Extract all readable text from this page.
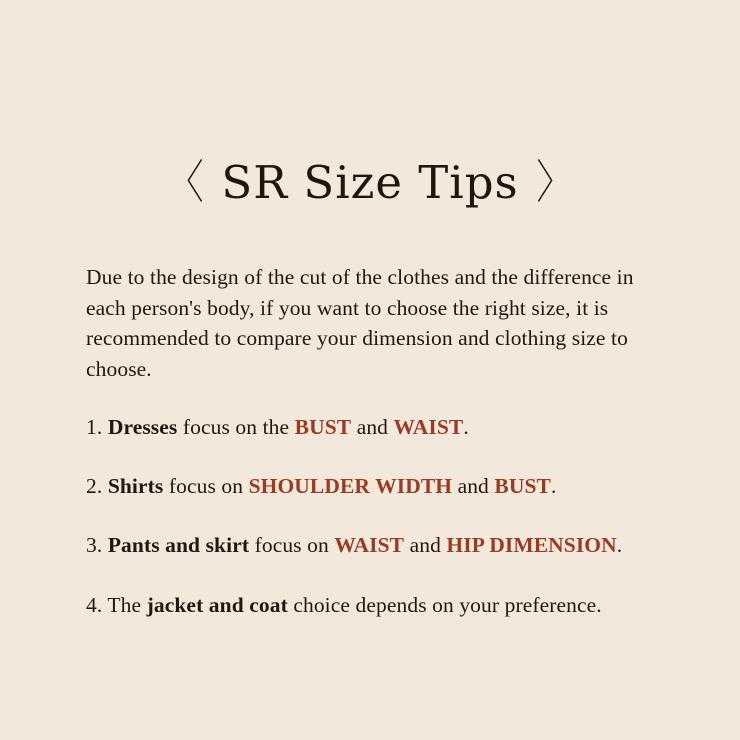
〈 SR Size Tips 〉

Due to the design of the cut of the clothes and the difference in each person's body, if you want to choose the right size, it is recommended to compare your dimension and clothing size to choose.

1. Dresses focus on the BUST and WAIST.

2. Shirts focus on SHOULDER WIDTH and BUST.

3. Pants and skirt focus on WAIST and HIP DIMENSION.

4. The jacket and coat choice depends on your preference.
